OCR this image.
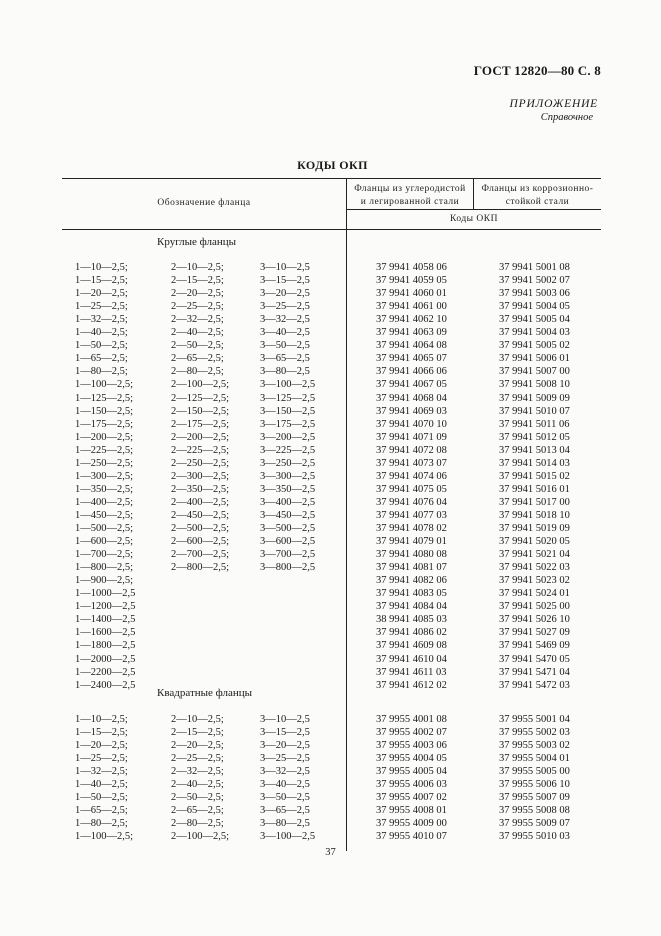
ГОСТ 12820—80 С. 8
ПРИЛОЖЕНИЕ
Справочное
КОДЫ ОКП
Обозначение фланца
Фланцы из углеродистой
и легированной стали
Фланцы из коррозионно-
стойкой стали
Коды ОКП
Круглые фланцы
Квадратные фланцы
1—10—2,5;	2—10—2,5;	3—10—2,5	37 9941 4058 06	37 9941 5001 08
1—15—2,5;	2—15—2,5;	3—15—2,5	37 9941 4059 05	37 9941 5002 07
1—20—2,5;	2—20—2,5;	3—20—2,5	37 9941 4060 01	37 9941 5003 06
1—25—2,5;	2—25—2,5;	3—25—2,5	37 9941 4061 00	37 9941 5004 05
1—32—2,5;	2—32—2,5;	3—32—2,5	37 9941 4062 10	37 9941 5005 04
1—40—2,5;	2—40—2,5;	3—40—2,5	37 9941 4063 09	37 9941 5004 03
1—50—2,5;	2—50—2,5;	3—50—2,5	37 9941 4064 08	37 9941 5005 02
1—65—2,5;	2—65—2,5;	3—65—2,5	37 9941 4065 07	37 9941 5006 01
1—80—2,5;	2—80—2,5;	3—80—2,5	37 9941 4066 06	37 9941 5007 00
1—100—2,5;	2—100—2,5;	3—100—2,5	37 9941 4067 05	37 9941 5008 10
1—125—2,5;	2—125—2,5;	3—125—2,5	37 9941 4068 04	37 9941 5009 09
1—150—2,5;	2—150—2,5;	3—150—2,5	37 9941 4069 03	37 9941 5010 07
1—175—2,5;	2—175—2,5;	3—175—2,5	37 9941 4070 10	37 9941 5011 06
1—200—2,5;	2—200—2,5;	3—200—2,5	37 9941 4071 09	37 9941 5012 05
1—225—2,5;	2—225—2,5;	3—225—2,5	37 9941 4072 08	37 9941 5013 04
1—250—2,5;	2—250—2,5;	3—250—2,5	37 9941 4073 07	37 9941 5014 03
1—300—2,5;	2—300—2,5;	3—300—2,5	37 9941 4074 06	37 9941 5015 02
1—350—2,5;	2—350—2,5;	3—350—2,5	37 9941 4075 05	37 9941 5016 01
1—400—2,5;	2—400—2,5;	3—400—2,5	37 9941 4076 04	37 9941 5017 00
1—450—2,5;	2—450—2,5;	3—450—2,5	37 9941 4077 03	37 9941 5018 10
1—500—2,5;	2—500—2,5;	3—500—2,5	37 9941 4078 02	37 9941 5019 09
1—600—2,5;	2—600—2,5;	3—600—2,5	37 9941 4079 01	37 9941 5020 05
1—700—2,5;	2—700—2,5;	3—700—2,5	37 9941 4080 08	37 9941 5021 04
1—800—2,5;	2—800—2,5;	3—800—2,5	37 9941 4081 07	37 9941 5022 03
1—900—2,5;	37 9941 4082 06	37 9941 5023 02
1—1000—2,5	37 9941 4083 05	37 9941 5024 01
1—1200—2,5	37 9941 4084 04	37 9941 5025 00
1—1400—2,5	38 9941 4085 03	37 9941 5026 10
1—1600—2,5	37 9941 4086 02	37 9941 5027 09
1—1800—2,5	37 9941 4609 08	37 9941 5469 09
1—2000—2,5	37 9941 4610 04	37 9941 5470 05
1—2200—2,5	37 9941 4611 03	37 9941 5471 04
1—2400—2,5	37 9941 4612 02	37 9941 5472 03
1—10—2,5;	2—10—2,5;	3—10—2,5	37 9955 4001 08	37 9955 5001 04
1—15—2,5;	2—15—2,5;	3—15—2,5	37 9955 4002 07	37 9955 5002 03
1—20—2,5;	2—20—2,5;	3—20—2,5	37 9955 4003 06	37 9955 5003 02
1—25—2,5;	2—25—2,5;	3—25—2,5	37 9955 4004 05	37 9955 5004 01
1—32—2,5;	2—32—2,5;	3—32—2,5	37 9955 4005 04	37 9955 5005 00
1—40—2,5;	2—40—2,5;	3—40—2,5	37 9955 4006 03	37 9955 5006 10
1—50—2,5;	2—50—2,5;	3—50—2,5	37 9955 4007 02	37 9955 5007 09
1—65—2,5;	2—65—2,5;	3—65—2,5	37 9955 4008 01	37 9955 5008 08
1—80—2,5;	2—80—2,5;	3—80—2,5	37 9955 4009 00	37 9955 5009 07
1—100—2,5;	2—100—2,5;	3—100—2,5	37 9955 4010 07	37 9955 5010 03
37
